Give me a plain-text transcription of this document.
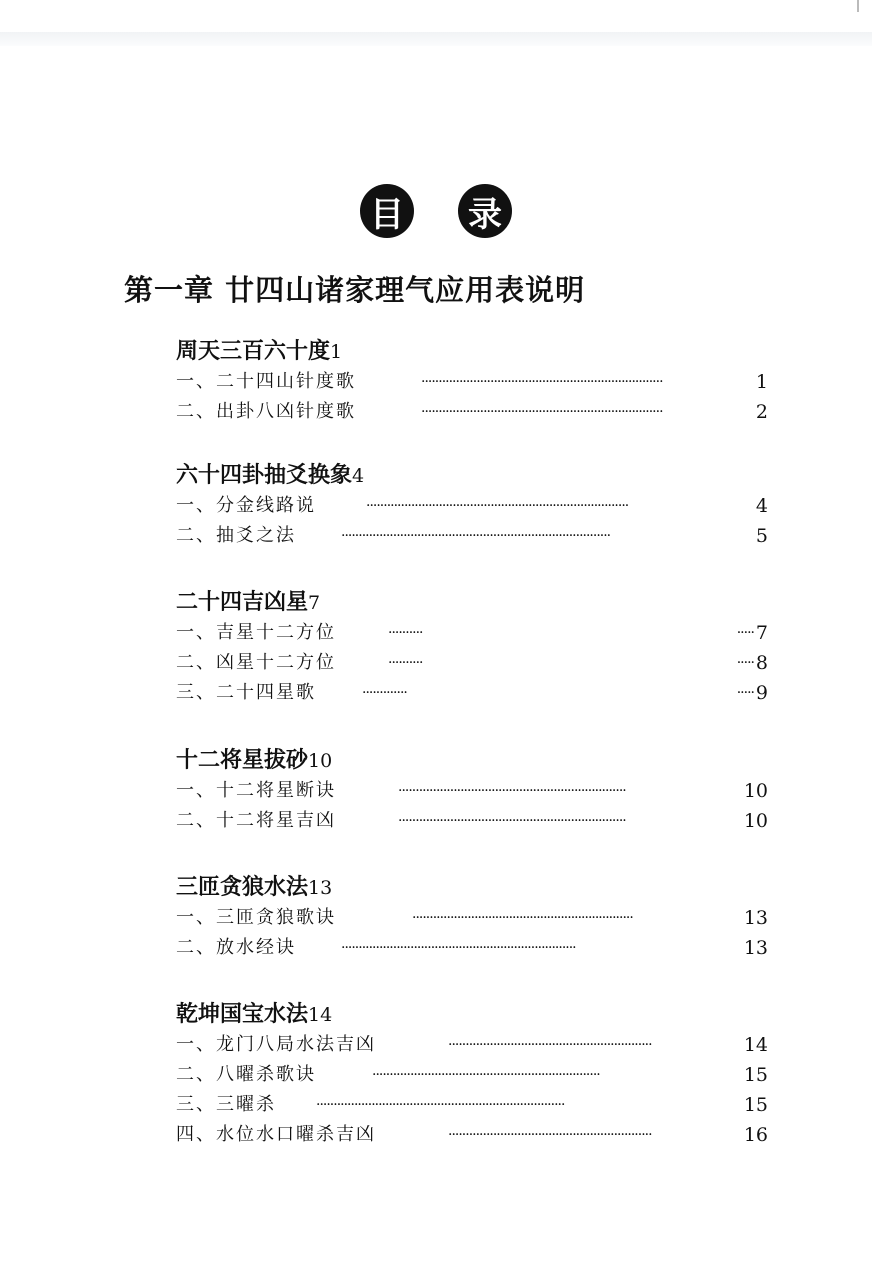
目 录
第一章 廿四山诸家理气应用表说明
周天三百六十度1
一、二十四山针度歌	······································································	1
二、出卦八凶针度歌	······································································	2
六十四卦抽爻换象4
一、分金线路说	············································································	4
二、抽爻之法	··············································································	5
二十四吉凶星7
一、吉星十二方位	··········	····· 7
二、凶星十二方位	··········	····· 8
三、二十四星歌	·············	····· 9
十二将星拔砂10
一、十二将星断诀	··································································	10
二、十二将星吉凶	··································································	10
三匝贪狼水法13
一、三匝贪狼歌诀	································································	13
二、放水经诀	····································································	13
乾坤国宝水法14
一、龙门八局水法吉凶	···························································	14
二、八曜杀歌诀	··································································	15
三、三曜杀	········································································	15
四、水位水口曜杀吉凶	···························································	16
